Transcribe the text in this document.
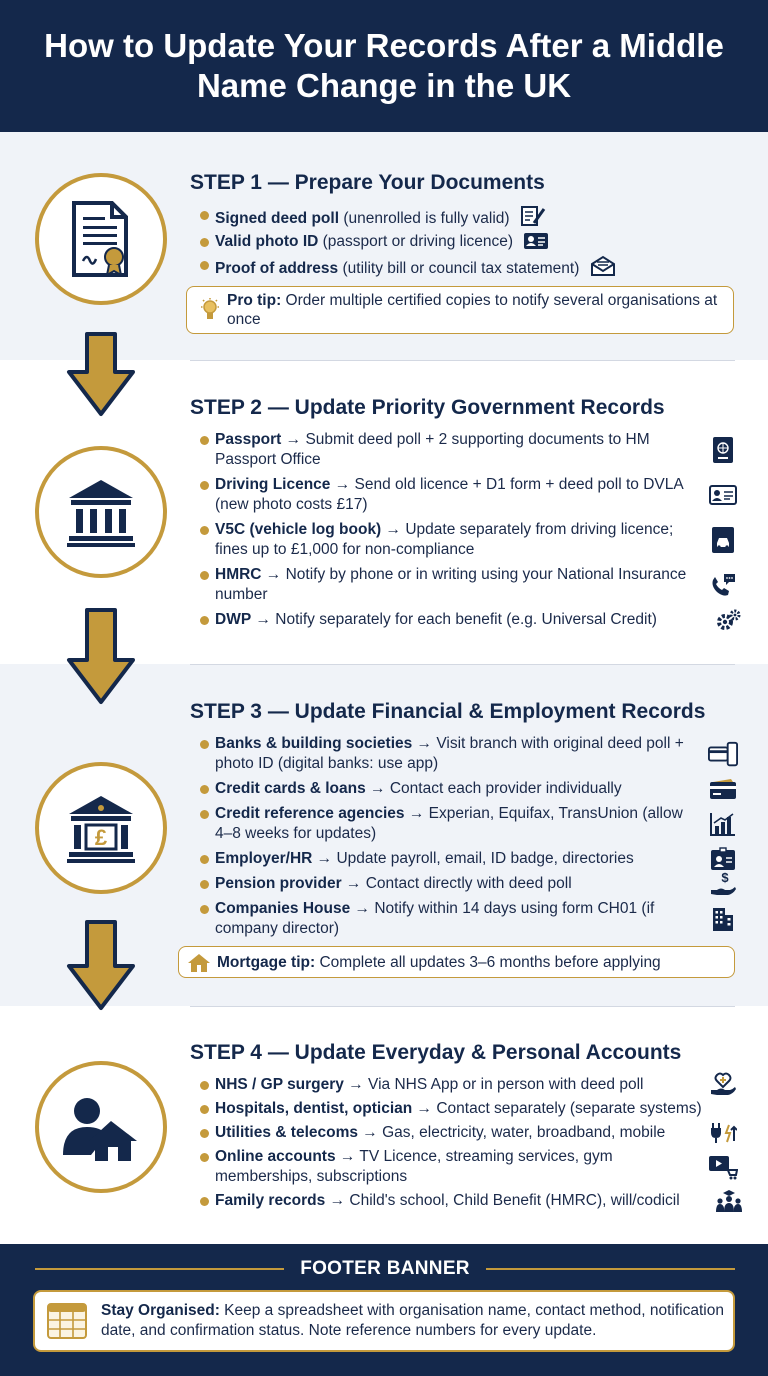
How to Update Your Records After a Middle Name Change in the UK
£
STEP 1 — Prepare Your Documents
Signed deed poll (unenrolled is fully valid)
Valid photo ID (passport or driving licence)
Proof of address (utility bill or council tax statement)
Pro tip: Order multiple certified copies to notify several organisations at once
STEP 2 — Update Priority Government Records
Passport → Submit deed poll + 2 supporting documents to HM Passport Office
Driving Licence → Send old licence + D1 form + deed poll to DVLA (new photo costs £17)
V5C (vehicle log book) → Update separately from driving licence; fines up to £1,000 for non-compliance
HMRC → Notify by phone or in writing using your National Insurance number
DWP → Notify separately for each benefit (e.g. Universal Credit)
STEP 3 — Update Financial & Employment Records
Banks & building societies → Visit branch with original deed poll + photo ID (digital banks: use app)
Credit cards & loans → Contact each provider individually
Credit reference agencies → Experian, Equifax, TransUnion (allow 4–8 weeks for updates)
Employer/HR → Update payroll, email, ID badge, directories
Pension provider → Contact directly with deed poll	$
Companies House → Notify within 14 days using form CH01 (if company director)
Mortgage tip: Complete all updates 3–6 months before applying
STEP 4 — Update Everyday & Personal Accounts
NHS / GP surgery → Via NHS App or in person with deed poll
Hospitals, dentist, optician → Contact separately (separate systems)
Utilities & telecoms → Gas, electricity, water, broadband, mobile
Online accounts → TV Licence, streaming services, gym memberships, subscriptions
Family records → Child's school, Child Benefit (HMRC), will/codicil
FOOTER BANNER
Stay Organised: Keep a spreadsheet with organisation name, contact method, notification date, and confirmation status. Note reference numbers for every update.
